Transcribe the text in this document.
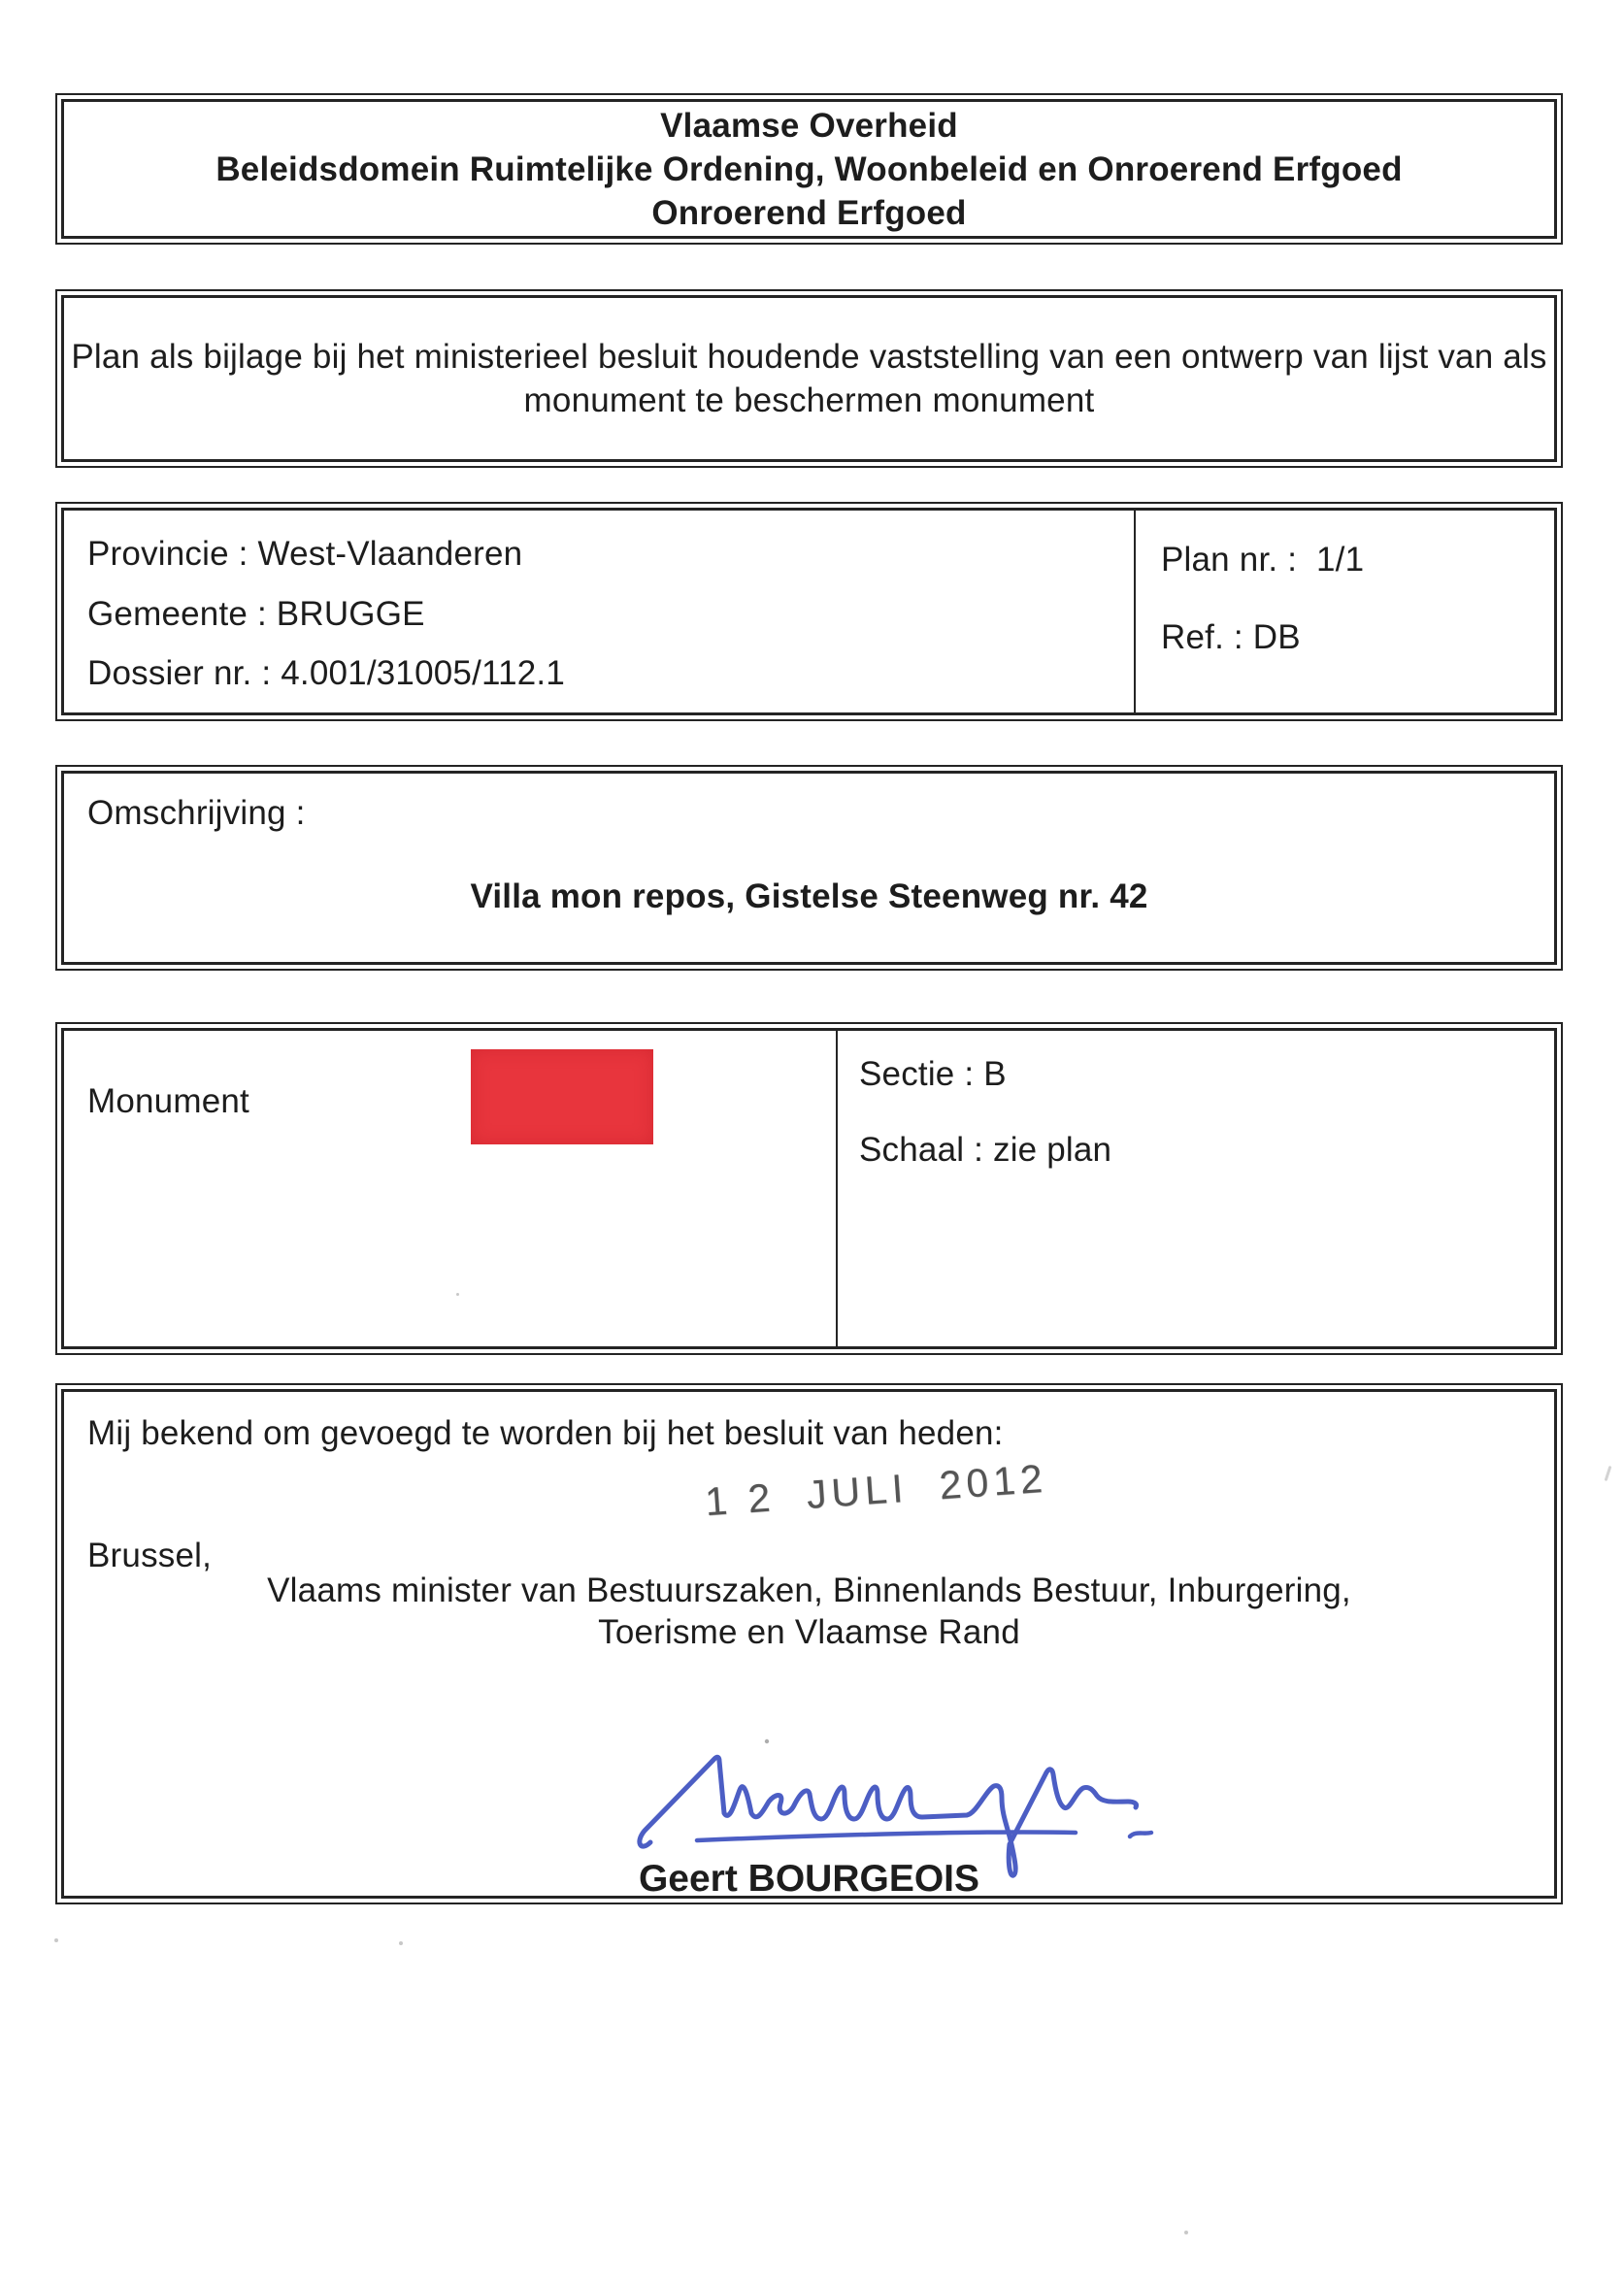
Vlaamse Overheid
Beleidsdomein Ruimtelijke Ordening, Woonbeleid en Onroerend Erfgoed
Onroerend Erfgoed
Plan als bijlage bij het ministerieel besluit houdende vaststelling van een ontwerp van lijst van als
monument te beschermen monument
Provincie : West-Vlaanderen
Gemeente : BRUGGE
Dossier nr. : 4.001/31005/112.1

Plan nr. :  1/1

Ref. : DB

Omschrijving :
Villa mon repos, Gistelse Steenweg nr. 42
Monument
Sectie : B
Schaal : zie plan
Mij bekend om gevoegd te worden bij het besluit van heden:
1 2  JULI  2012
Brussel,
Vlaams minister van Bestuurszaken, Binnenlands Bestuur, Inburgering,
Toerisme en Vlaamse Rand
Geert BOURGEOIS
